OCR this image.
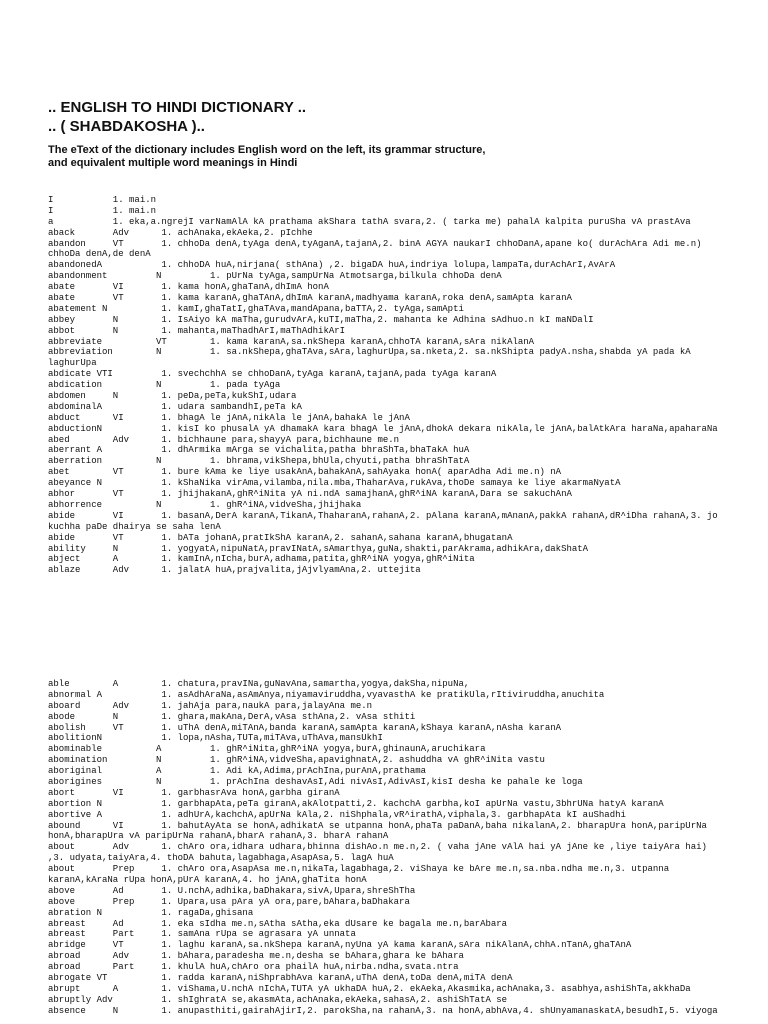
.. ENGLISH TO HINDI DICTIONARY ..
.. ( SHABDAKOSHA )..
The eText of the dictionary includes English word on the left, its grammar structure,
and equivalent multiple word meanings in Hindi
I           1. mai.n
I           1. mai.n
a           1. eka,a.ngrejI varNamAlA kA prathama akShara tathA svara,2. ( tarka me) pahalA kalpita puruSha vA prastAva
aback       Adv      1. achAnaka,ekAeka,2. pIchhe
abandon     VT       1. chhoDa denA,tyAga denA,tyAganA,tajanA,2. binA AGYA naukarI chhoDanA,apane ko( durAchAra Adi me.n)
chhoDa denA,de denA
abandonedA           1. chhoDA huA,nirjana( sthAna) ,2. bigaDA huA,indriya lolupa,lampaTa,durAchArI,AvArA
abandonment         N         1. pUrNa tyAga,sampUrNa Atmotsarga,bilkula chhoDa denA
abate       VI       1. kama honA,ghaTanA,dhImA honA
abate       VT       1. kama karanA,ghaTAnA,dhImA karanA,madhyama karanA,roka denA,samApta karanA
abatement N          1. kamI,ghaTatI,ghaTAva,mandApana,baTTA,2. tyAga,samApti
abbey       N        1. IsAiyo kA maTha,gurudvArA,kuTI,maTha,2. mahanta ke Adhina sAdhuo.n kI maNDalI
abbot       N        1. mahanta,maThadhArI,maThAdhikArI
abbreviate          VT        1. kama karanA,sa.nkShepa karanA,chhoTA karanA,sAra nikAlanA
abbreviation        N         1. sa.nkShepa,ghaTAva,sAra,laghurUpa,sa.nketa,2. sa.nkShipta padyA.nsha,shabda yA pada kA
laghurUpa
abdicate VTI         1. svechchhA se chhoDanA,tyAga karanA,tajanA,pada tyAga karanA
abdication          N         1. pada tyAga
abdomen     N        1. peDa,peTa,kukShI,udara
abdominalA           1. udara sambandhI,peTa kA
abduct      VI       1. bhagA le jAnA,nikAla le jAnA,bahakA le jAnA
abductionN           1. kisI ko phusalA yA dhamakA kara bhagA le jAnA,dhokA dekara nikAla,le jAnA,balAtkAra haraNa,apaharaNa
abed        Adv      1. bichhaune para,shayyA para,bichhaune me.n
aberrant A           1. dhArmika mArga se vichalita,patha bhraShTa,bhaTakA huA
aberration          N         1. bhrama,vikShepa,bhUla,chyuti,patha bhraShTatA
abet        VT       1. bure kAma ke liye usakAnA,bahakAnA,sahAyaka honA( aparAdha Adi me.n) nA
abeyance N           1. kShaNika virAma,vilamba,nila.mba,ThaharAva,rukAva,thoDe samaya ke liye akarmaNyatA
abhor       VT       1. jhijhakanA,ghR^iNita yA ni.ndA samajhanA,ghR^iNA karanA,Dara se sakuchAnA
abhorrence          N         1. ghR^iNA,vidveSha,jhijhaka
abide       VI       1. basanA,DerA karanA,TikanA,ThaharanA,rahanA,2. pAlana karanA,mAnanA,pakkA rahanA,dR^iDha rahanA,3. jo
kuchha paDe dhairya se saha lenA
abide       VT       1. bATa johanA,pratIkShA karanA,2. sahanA,sahana karanA,bhugatanA
ability     N        1. yogyatA,nipuNatA,pravINatA,sAmarthya,guNa,shakti,parAkrama,adhikAra,dakShatA
abject      A        1. kamInA,nIcha,burA,adhama,patita,ghR^iNA yogya,ghR^iNita
ablaze      Adv      1. jalatA huA,prajvalita,jAjvlyamAna,2. uttejita
able        A        1. chatura,pravINa,guNavAna,samartha,yogya,dakSha,nipuNa,
abnormal A           1. asAdhAraNa,asAmAnya,niyamaviruddha,vyavasthA ke pratikUla,rItiviruddha,anuchita
aboard      Adv      1. jahAja para,naukA para,jalayAna me.n
abode       N        1. ghara,makAna,DerA,vAsa sthAna,2. vAsa sthiti
abolish     VT       1. uThA denA,miTAnA,banda karanA,samApta karanA,kShaya karanA,nAsha karanA
abolitionN           1. lopa,nAsha,TUTa,miTAva,uThAva,mansUkhI
abominable          A         1. ghR^iNita,ghR^iNA yogya,burA,ghinaunA,aruchikara
abomination         N         1. ghR^iNA,vidveSha,apavighnatA,2. ashuddha vA ghR^iNita vastu
aboriginal          A         1. Adi kA,Adima,prAchIna,purAnA,prathama
aborigines          N         1. prAchIna deshavAsI,Adi nivAsI,AdivAsI,kisI desha ke pahale ke loga
abort       VI       1. garbhasrAva honA,garbha giranA
abortion N           1. garbhapAta,peTa giranA,akAlotpatti,2. kachchA garbha,koI apUrNa vastu,3bhrUNa hatyA karanA
abortive A           1. adhUrA,kachchA,apUrNa kAla,2. niShphala,vR^irathA,viphala,3. garbhapAta kI auShadhi
abound      VI       1. bahutAyAta se honA,adhikatA se utpanna honA,phaTa paDanA,baha nikalanA,2. bharapUra honA,paripUrNa
honA,bharapUra vA paripUrNa rahanA,bharA rahanA,3. bharA rahanA
about       Adv      1. chAro ora,idhara udhara,bhinna dishAo.n me.n,2. ( vaha jAne vAlA hai yA jAne ke ,liye taiyAra hai)
,3. udyata,taiyAra,4. thoDA bahuta,lagabhaga,AsapAsa,5. lagA huA
about       Prep     1. chAro ora,AsapAsa me.n,nikaTa,lagabhaga,2. viShaya ke bAre me.n,sa.nba.ndha me.n,3. utpanna
karanA,kAraNa rUpa honA,pUrA karanA,4. ho jAnA,ghaTita honA
above       Ad       1. U.nchA,adhika,baDhakara,sivA,Upara,shreShTha
above       Prep     1. Upara,usa pAra yA ora,pare,bAhara,baDhakara
abration N           1. ragaDa,ghisana
abreast     Ad       1. eka sIdha me.n,sAtha sAtha,eka dUsare ke bagala me.n,barAbara
abreast     Part     1. samAna rUpa se agrasara yA unnata
abridge     VT       1. laghu karanA,sa.nkShepa karanA,nyUna yA kama karanA,sAra nikAlanA,chhA.nTanA,ghaTAnA
abroad      Adv      1. bAhara,paradesha me.n,desha se bAhara,ghara ke bAhara
abroad      Part     1. khulA huA,chAro ora phailA huA,nirba.ndha,svata.ntra
abrogate VT          1. radda karanA,niShprabhAva karanA,uThA denA,toDa denA,miTA denA
abrupt      A        1. viShama,U.nchA nIchA,TUTA yA ukhaDA huA,2. ekAeka,Akasmika,achAnaka,3. asabhya,ashiShTa,akkhaDa
abruptly Adv         1. shIghratA se,akasmAta,achAnaka,ekAeka,sahasA,2. ashiShTatA se
absence     N        1. anupasthiti,gairahAjirI,2. parokSha,na rahanA,3. na honA,abhAva,4. shUnyamanaskatA,besudhI,5. viyoga
